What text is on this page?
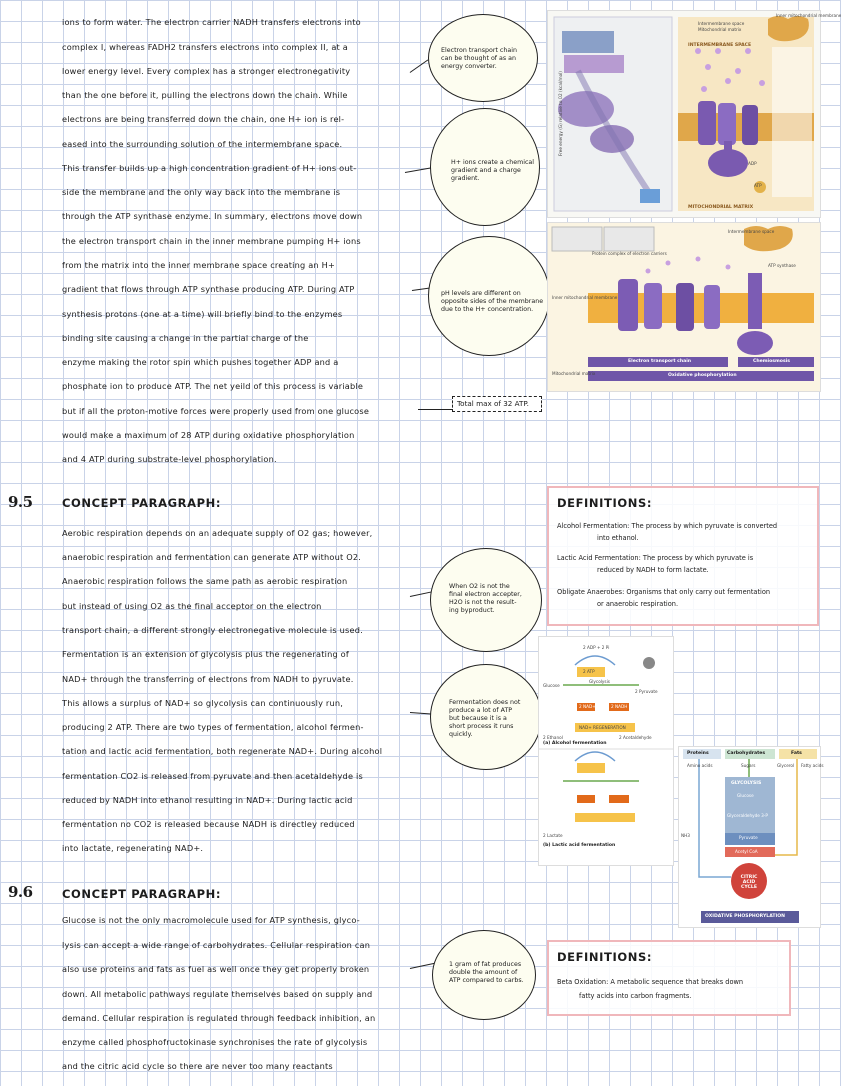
ions to form water. The electron carrier NADH transfers electrons into
complex I, whereas FADH2 transfers electrons into complex II, at a
lower energy level. Every complex has a stronger electronegativity
than the one before it, pulling the electrons down the chain. While
electrons are being transferred down the chain, one H+ ion is rel-
eased into the surrounding solution of the intermembrane space.
This transfer builds up a high concentration gradient of H+ ions out-
side the membrane and the only way back into the membrane is
through the ATP synthase enzyme. In summary, electrons move down
the electron transport chain in the inner membrane pumping H+ ions
from the matrix into the inner membrane space creating an H+
gradient that flows through ATP synthase producing ATP. During ATP
synthesis protons (one at a time) will briefly bind to the enzymes
binding site causing a change in the partial charge of the
enzyme making the rotor spin which pushes together ADP and a
phosphate ion to produce ATP. The net yeild of this process is variable
but if all the proton-motive forces were properly used from one glucose
would make a maximum of 28 ATP during oxidative phosphorylation
and 4 ATP during substrate-level phosphorylation.
Electron transport chain
can be thought of as an
energy converter.
H+ ions create a chemical
gradient and a charge
gradient.
pH levels are different on
opposite sides of the membrane
due to the H+ concentration.
Total max of 32 ATP.
Intermembrane space
Mitochondrial matrix
Inner mitochondrial membrane
INTERMEMBRANE SPACE
MITOCHONDRIAL MATRIX
ATP
ADP
Free energy (G) relative to O2 (kcal/mol)
Intermembrane space
Inner mitochondrial membrane
Mitochondrial matrix
Protein complex of electron carriers
ATP synthase
Electron transport chain	Chemiosmosis
Oxidative phosphorylation
9.5	CONCEPT PARAGRAPH:
Aerobic respiration depends on an adequate supply of O2 gas; however,
anaerobic respiration and fermentation can generate ATP without O2.
Anaerobic respiration follows the same path as aerobic respiration
but instead of using O2 as the final acceptor on the electron
transport chain, a different strongly electronegative molecule is used.
Fermentation is an extension of glycolysis plus the regenerating of
NAD+ through the transferring of electrons from NADH to pyruvate.
This allows a surplus of NAD+ so glycolysis can continuously run,
producing 2 ATP. There are two types of fermentation, alcohol fermen-
tation and lactic acid fermentation, both regenerate NAD+. During alcohol
fermentation CO2 is released from pyruvate and then acetaldehyde is
reduced by NADH into ethanol resulting in NAD+. During lactic acid
fermentation no CO2 is released because NADH is directley reduced
into lactate, regenerating NAD+.
When O2 is not the
final electron accepter,
H2O is not the result-
ing byproduct.
Fermentation does not
produce a lot of ATP
but because it is a
short process it runs
quickly.
DEFINITIONS:
Alcohol Fermentation: The process by which pyruvate is converted
into ethanol.
Lactic Acid Fermentation: The process by which pyruvate is
reduced by NADH to form lactate.
Obligate Anaerobes: Organisms that only carry out fermentation
or anaerobic respiration.
2 ADP + 2 Pi
2 ATP
Glucose
Glycolysis
2 Pyruvate
2 NAD+	2 NADH
NAD+ REGENERATION
2 Ethanol	2 Acetaldehyde
(a) Alcohol fermentation
2 Lactate
(b) Lactic acid fermentation
Proteins	Carbohydrates	Fats
Amino acids	Sugars	Glycerol Fatty acids
GLYCOLYSIS
Glucose
Glyceraldehyde 3-P
Pyruvate
Acetyl CoA
CITRIC ACID CYCLE
OXIDATIVE PHOSPHORYLATION
NH3
9.6	CONCEPT PARAGRAPH:
Glucose is not the only macromolecule used for ATP synthesis, glyco-
lysis can accept a wide range of carbohydrates. Cellular respiration can
also use proteins and fats as fuel as well once they get properly broken
down. All metabolic pathways regulate themselves based on supply and
demand. Cellular respiration is regulated through feedback inhibition, an
enzyme called phosphofructokinase synchronises the rate of glycolysis
and the citric acid cycle so there are never too many reactants
1 gram of fat produces
double the amount of
ATP compared to carbs.
DEFINITIONS:
Beta Oxidation: A metabolic sequence that breaks down
fatty acids into carbon fragments.
